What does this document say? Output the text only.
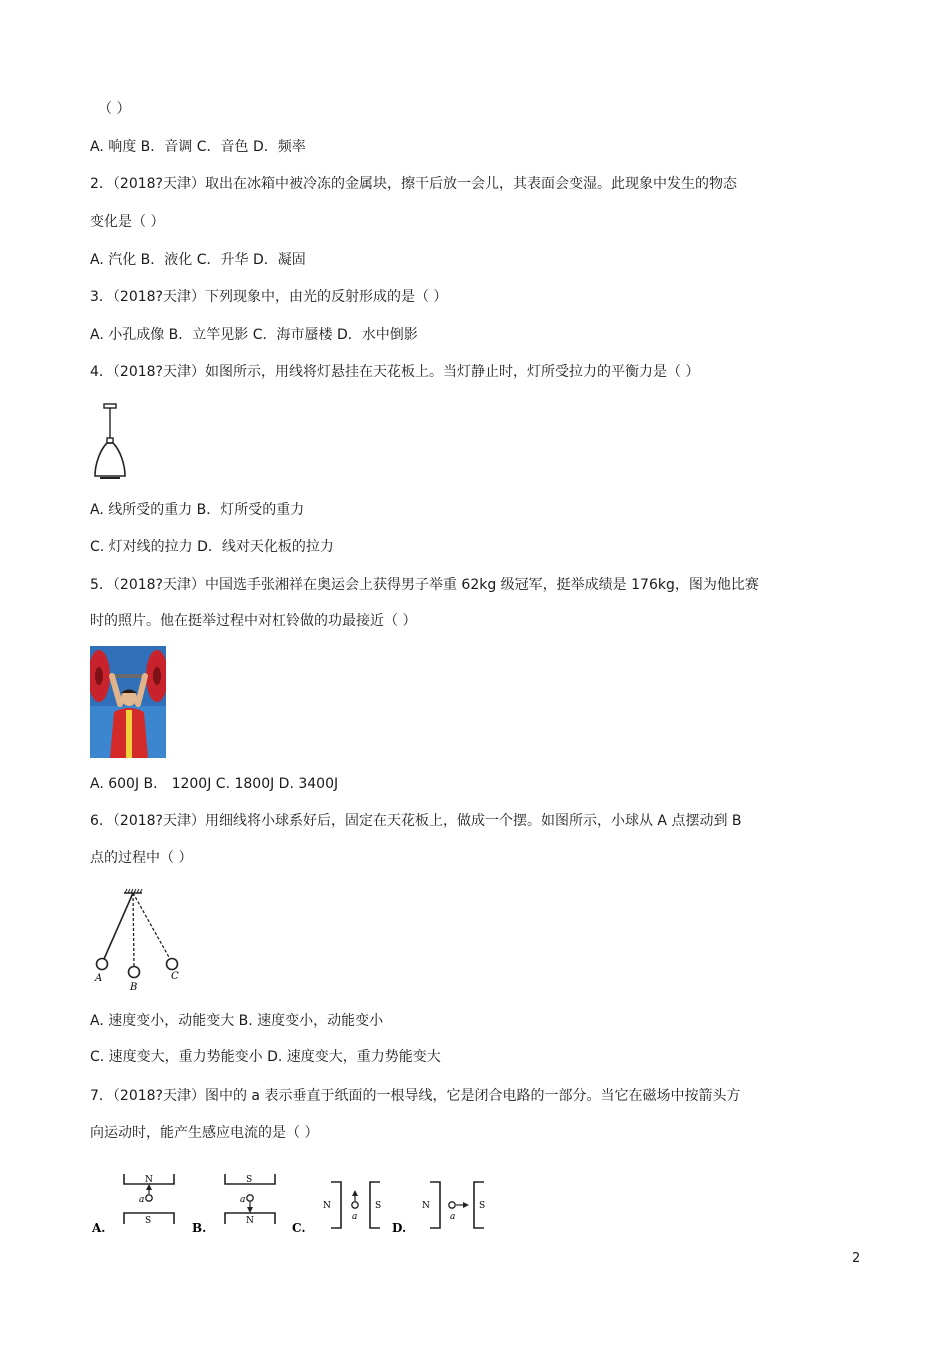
（ ）
A. 响度 B．音调 C．音色 D．频率
2．（2018?天津）取出在冰箱中被冷冻的金属块，擦干后放一会儿，其表面会变湿。此现象中发生的物态
变化是（ ）
A. 汽化 B．液化 C．升华 D．凝固
3．（2018?天津）下列现象中，由光的反射形成的是（ ）
A. 小孔成像 B．立竿见影 C．海市蜃楼 D．水中倒影
4．（2018?天津）如图所示，用线将灯悬挂在天花板上。当灯静止时，灯所受拉力的平衡力是（ ）
A. 线所受的重力 B．灯所受的重力
C. 灯对线的拉力 D．线对天化板的拉力
5．（2018?天津）中国选手张湘祥在奥运会上获得男子举重 62kg 级冠军，挺举成绩是 176kg，图为他比赛
时的照片。他在挺举过程中对杠铃做的功最接近（ ）
A. 600J B． 1200J C. 1800J D. 3400J
6．（2018?天津）用细线将小球系好后，固定在天花板上，做成一个摆。如图所示，小球从 A 点摆动到 B
点的过程中（ ）
A
B
C
A. 速度变小，动能变大 B. 速度变小，动能变小
C. 速度变大，重力势能变小 D. 速度变大，重力势能变大
7．（2018?天津）图中的 a 表示垂直于纸面的一根导线，它是闭合电路的一部分。当它在磁场中按箭头方
向运动时，能产生感应电流的是（ ）
A.
N
S
a
B.
S
N
a
C.
N	S
a
D.
N	S
a
2
